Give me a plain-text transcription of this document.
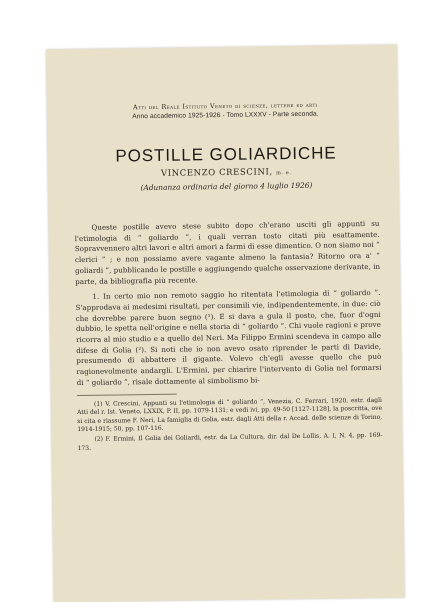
Atti del Reale Istituto Veneto di scienze, lettere ed arti

Anno accademico 1925-1926 - Tomo LXXXV - Parte seconda.

POSTILLE GOLIARDICHE

VINCENZO CRESCINI, m. e.

(Adunanza ordinaria del giorno 4 luglio 1926)

Queste postille avevo stese subito dopo ch'erano usciti gli appunti su l'etimologia di “ goliardo ”, i quali verran tosto citati più esattamente. Sopravvennero altri lavori e altri amori a farmi di esse dimentico. O non siamo noi “ clerici ” ; e non possiamo avere vagante almeno la fantasia? Ritorno ora a' “ goliardi ”, pubblicando le postille e aggiungendo qualche osservazione derivante, in parte, da bibliografia più recente.

1. In certo mio non remoto saggio ho ritentata l'etimologia di “ goliardo ”. S'approdava ai medesimi risultati, per consimili vie, indipendentemente, in due: ciò che dovrebbe parere buon segno (¹). E si dava a gula il posto, che, fuor d'ogni dubbio, le spetta nell'origine e nella storia di “ goliardo ”. Chi vuole ragioni e prove ricorra al mio studio e a quello del Neri. Ma Filippo Ermini scendeva in campo alle difese di Golia (²). Si noti che io non avevo osato riprender le parti di Davide, presumendo di abbattere il gigante. Volevo ch'egli avesse quello che può ragionevolmente andargli. L'Ermini, per chiarire l'intervento di Golia nel formarsi di “ goliardo ”, risale dottamente al simbolismo bi-

(1) V. Crescini, Appunti su l'etimologia di “ goliardo ”, Venezia, C. Ferrari, 1920, estr. dagli Atti del r. Ist. Veneto, LXXIX, P. II, pp. 1079-1131; e vedi ivi, pp. 49-50 [1127-1128], la poscritta, ove si cita e riassume F. Neri, La famiglia di Golia, estr. dagli Atti della r. Accad. delle scienze di Torino, 1914-1915; 50, pp. 107-116.

(2) F. Ermini, Il Golia dei Goliardi, estr. da La Cultura, dir. dal De Lollis, A. I, N. 4, pp. 169-173.
